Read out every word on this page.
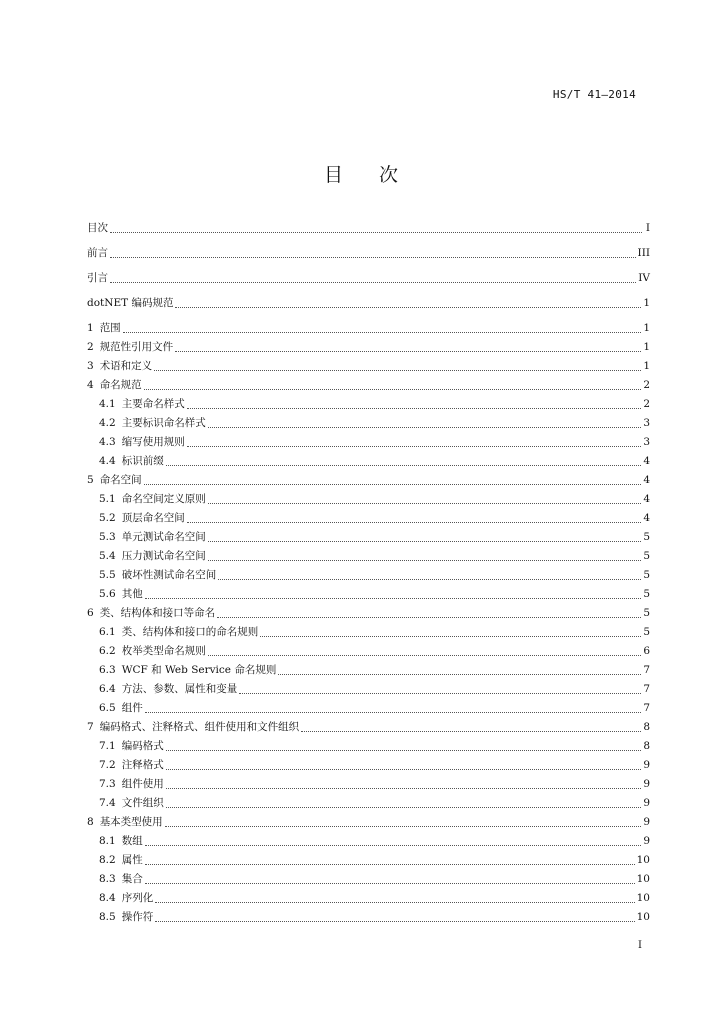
HS/T 41—2014
目 次
目次	I
前言	III
引言	IV
dotNET 编码规范	1
1 范围	1
2 规范性引用文件	1
3 术语和定义	1
4 命名规范	2
4.1 主要命名样式	2
4.2 主要标识命名样式	3
4.3 缩写使用规则	3
4.4 标识前缀	4
5 命名空间	4
5.1 命名空间定义原则	4
5.2 顶层命名空间	4
5.3 单元测试命名空间	5
5.4 压力测试命名空间	5
5.5 破坏性测试命名空间	5
5.6 其他	5
6 类、结构体和接口等命名	5
6.1 类、结构体和接口的命名规则	5
6.2 枚举类型命名规则	6
6.3 WCF 和 Web Service 命名规则	7
6.4 方法、参数、属性和变量	7
6.5 组件	7
7 编码格式、注释格式、组件使用和文件组织	8
7.1 编码格式	8
7.2 注释格式	9
7.3 组件使用	9
7.4 文件组织	9
8 基本类型使用	9
8.1 数组	9
8.2 属性	10
8.3 集合	10
8.4 序列化	10
8.5 操作符	10
I
